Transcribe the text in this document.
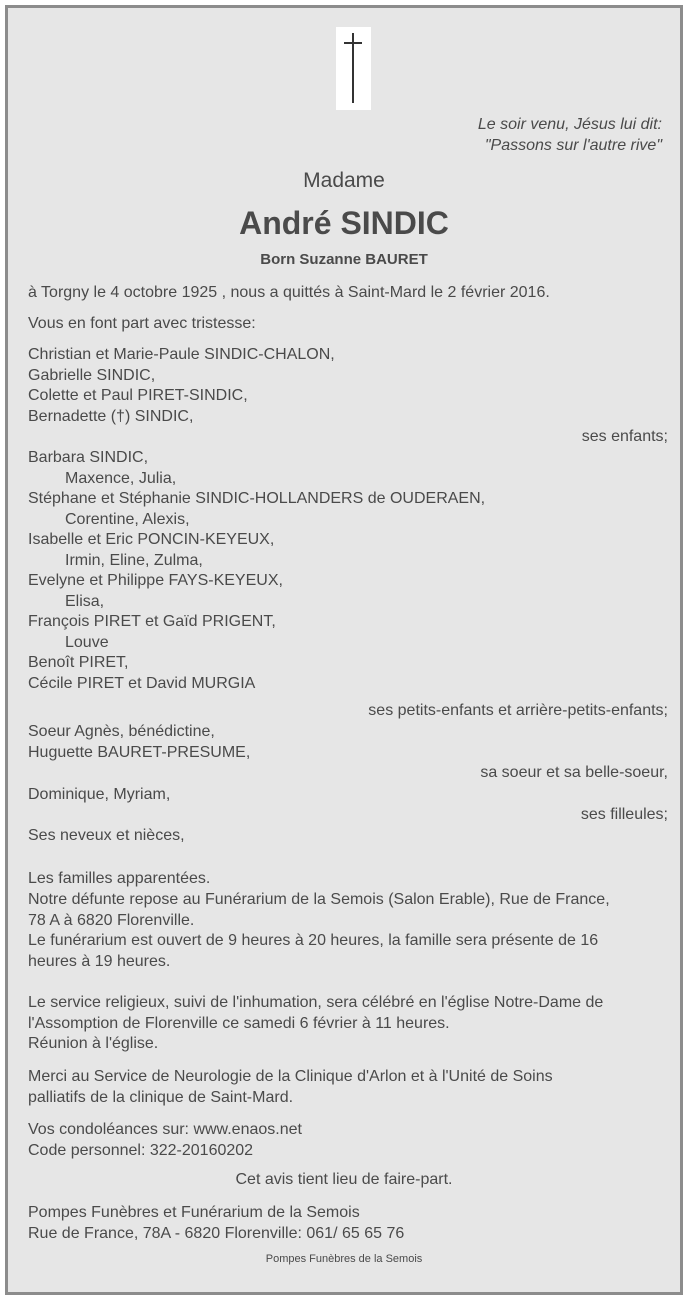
Le soir venu, Jésus lui dit:
"Passons sur l'autre rive"
Madame
André SINDIC
Born Suzanne BAURET
à Torgny le 4 octobre 1925 , nous a quittés à Saint-Mard le 2 février 2016.
Vous en font part avec tristesse:
Christian et Marie-Paule SINDIC-CHALON,
Gabrielle SINDIC,
Colette et Paul PIRET-SINDIC,
Bernadette (†) SINDIC,
ses enfants;
Barbara SINDIC,
Maxence, Julia,
Stéphane et Stéphanie SINDIC-HOLLANDERS de OUDERAEN,
Corentine, Alexis,
Isabelle et Eric PONCIN-KEYEUX,
Irmin, Eline, Zulma,
Evelyne et Philippe FAYS-KEYEUX,
Elisa,
François PIRET et Gaïd PRIGENT,
Louve
Benoît PIRET,
Cécile PIRET et David MURGIA
ses petits-enfants et arrière-petits-enfants;
Soeur Agnès, bénédictine,
Huguette BAURET-PRESUME,
sa soeur et sa belle-soeur,
Dominique, Myriam,
ses filleules;
Ses neveux et nièces,
Les familles apparentées.
Notre défunte repose au Funérarium de la Semois (Salon Erable), Rue de France,
78 A à 6820 Florenville.
Le funérarium est ouvert de 9 heures à 20 heures, la famille sera présente de 16
heures à 19 heures.
Le service religieux, suivi de l'inhumation, sera célébré en l'église Notre-Dame de
l'Assomption de Florenville ce samedi 6 février à 11 heures.
Réunion à l'église.
Merci au Service de Neurologie de la Clinique d'Arlon et à l'Unité de Soins
palliatifs de la clinique de Saint-Mard.
Vos condoléances sur: www.enaos.net
Code personnel: 322-20160202
Cet avis tient lieu de faire-part.
Pompes Funèbres et Funérarium de la Semois
Rue de France, 78A - 6820 Florenville: 061/ 65 65 76
Pompes Funèbres de la Semois
